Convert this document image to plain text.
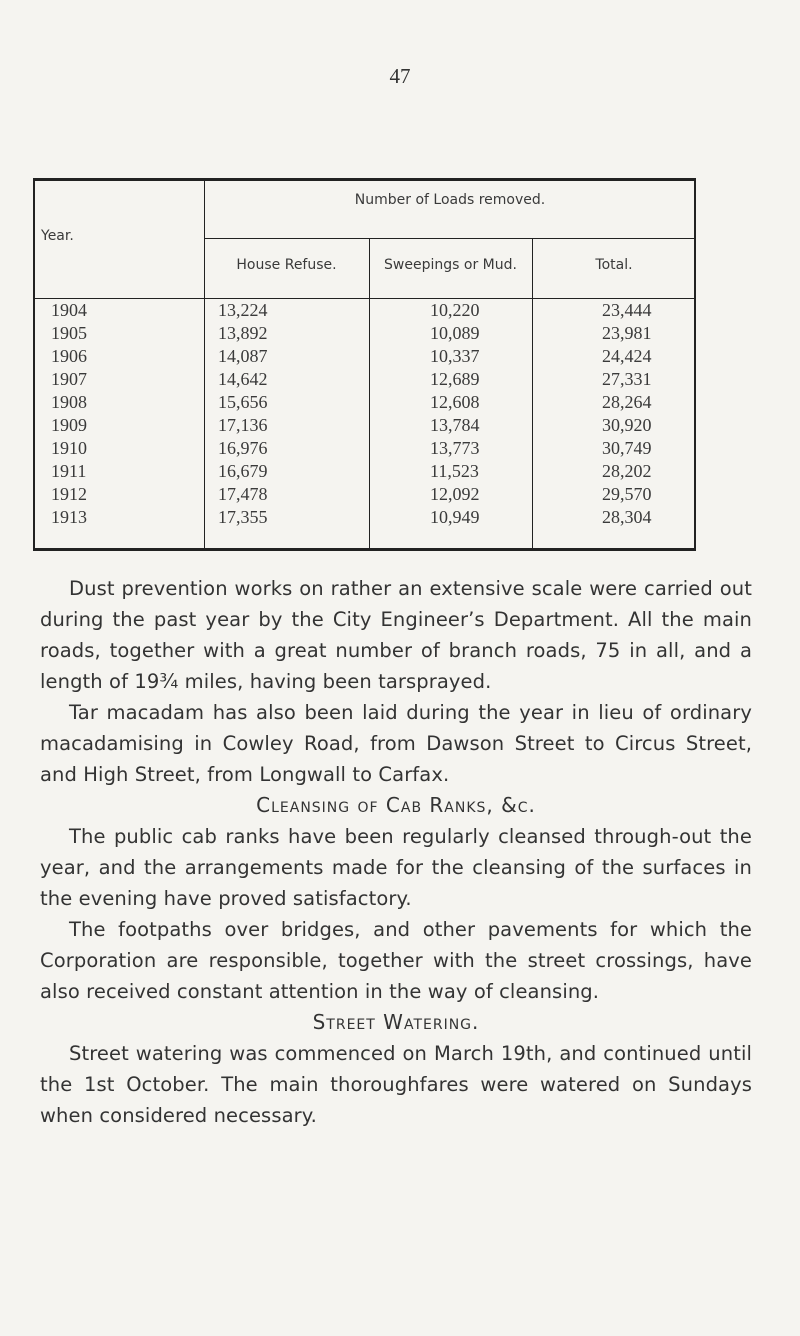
47
Year.
Number of Loads removed.
House Refuse.	Sweepings or Mud.	Total.
1904	13,224	10,220	23,444
1905	13,892	10,089	23,981
1906	14,087	10,337	24,424
1907	14,642	12,689	27,331
1908	15,656	12,608	28,264
1909	17,136	13,784	30,920
1910	16,976	13,773	30,749
1911	16,679	11,523	28,202
1912	17,478	12,092	29,570
1913	17,355	10,949	28,304

Dust prevention works on rather an extensive scale were carried out during the past year by the City Engineer’s Department. All the main roads, together with a great number of branch roads, 75 in all, and a length of 19¾ miles, having been tarsprayed.

Tar macadam has also been laid during the year in lieu of ordinary macadamising in Cowley Road, from Dawson Street to Circus Street, and High Street, from Longwall to Carfax.

Cleansing of Cab Ranks, &c.

The public cab ranks have been regularly cleansed through-out the year, and the arrangements made for the cleansing of the surfaces in the evening have proved satisfactory.

The footpaths over bridges, and other pavements for which the Corporation are responsible, together with the street crossings, have also received constant attention in the way of cleansing.

Street Watering.

Street watering was commenced on March 19th, and continued until the 1st October. The main thoroughfares were watered on Sundays when considered necessary.
